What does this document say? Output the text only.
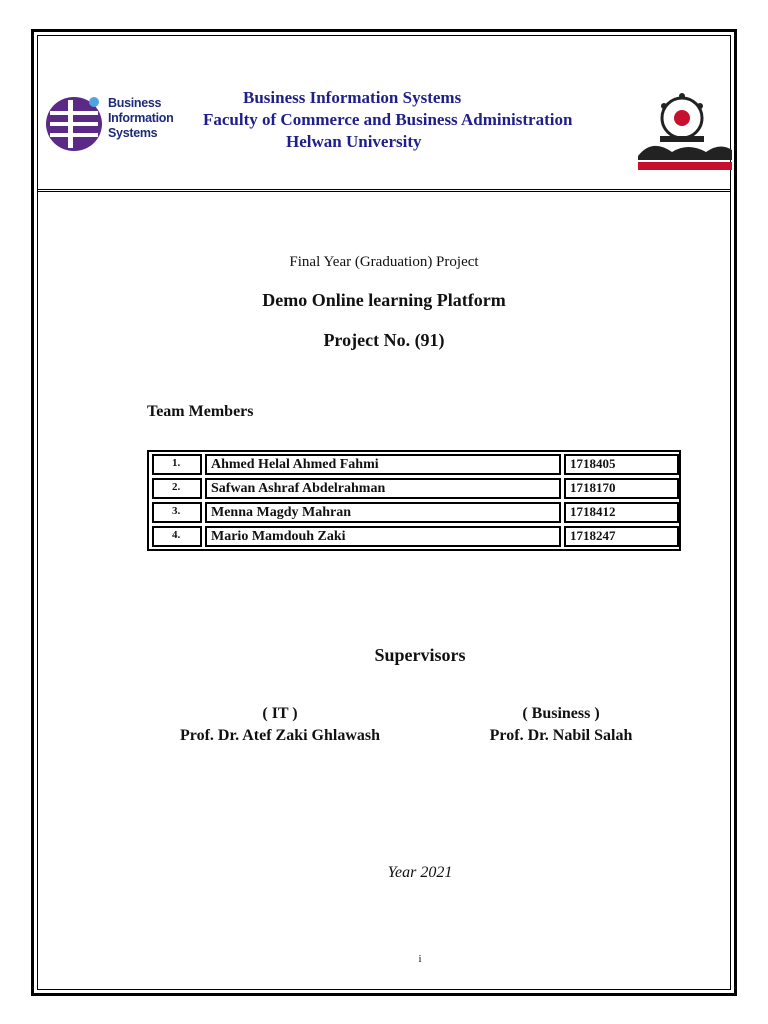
Business
Information
Systems
Business Information Systems
Faculty of Commerce and Business Administration
Helwan University
Final Year (Graduation) Project
Demo Online learning Platform
Project No. (91)
Team Members
1.	Ahmed Helal Ahmed Fahmi	1718405
2.	Safwan Ashraf Abdelrahman	1718170
3.	Menna Magdy Mahran	1718412
4.	Mario Mamdouh Zaki	1718247
Supervisors
( IT )
Prof. Dr. Atef Zaki Ghlawash
( Business )
Prof. Dr. Nabil Salah
Year 2021
i
